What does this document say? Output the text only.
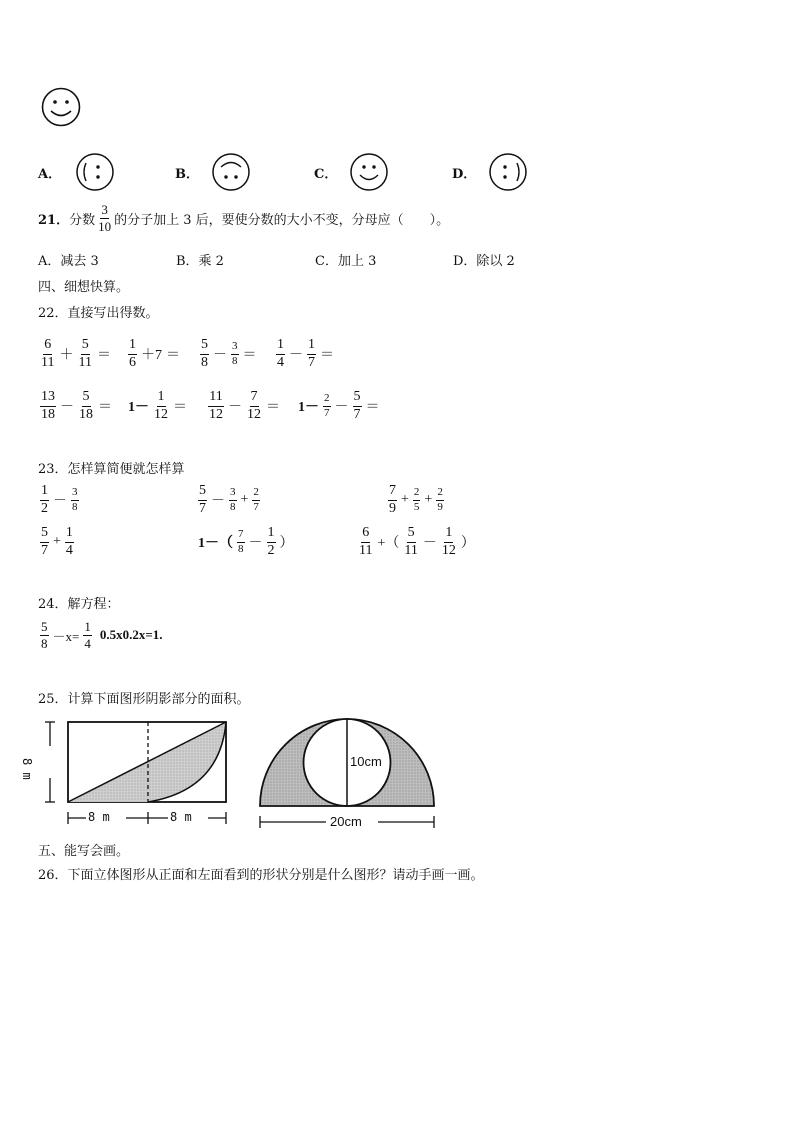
A．	B．	C．	D．
21． 分数 $\frac{3}{10}$ 的分子加上 3 后，要使分数的大小不变，分母应（　　）。
A．减去 3	B．乘 2	C．加上 3	D．除以 2
四、细想快算。
22．直接写出得数。
$\frac{6}{11} + \frac{5}{11} = \frac{1}{6} +7 = \frac{5}{8} - \frac{3}{8} = \frac{1}{4} - \frac{1}{7}$ ＝
$\frac{13}{18} - \frac{5}{18} = 1- \frac{1}{12} = \frac{11}{12} - \frac{7}{12} = 1- \frac{2}{7} - \frac{5}{7}$ ＝
23．怎样算简便就怎样算
$\frac{1}{2} - \frac{3}{8}$	$\frac{5}{7} - \frac{3}{8} + \frac{2}{7}$	$\frac{7}{9} + \frac{2}{5} + \frac{2}{9}$
$\frac{5}{7} + \frac{1}{4}$	$1-( \frac{7}{8} - \frac{1}{2}$ ）	$\frac{6}{11}$ +（ $\frac{5}{11} - \frac{1}{12}$ ）
24．解方程：
$\frac{5}{8} -x= \frac{1}{4} 0.5x0.2x=1$.
25．计算下面图形阴影部分的面积。
8 m
8 m	8 m
10cm
20cm
五、能写会画。
26．下面立体图形从正面和左面看到的形状分别是什么图形？请动手画一画。
